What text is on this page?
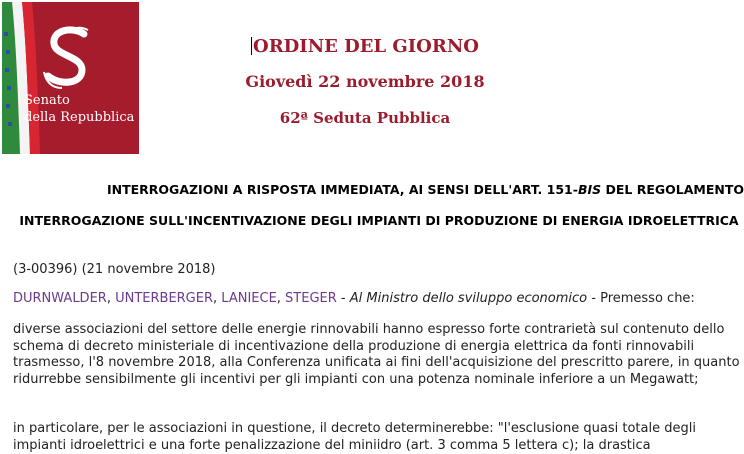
Senato
della Repubblica
ORDINE DEL GIORNO
Giovedì 22 novembre 2018
62ª Seduta Pubblica
INTERROGAZIONI A RISPOSTA IMMEDIATA, AI SENSI DELL'ART. 151-BIS DEL REGOLAMENTO
INTERROGAZIONE SULL'INCENTIVAZIONE DEGLI IMPIANTI DI PRODUZIONE DI ENERGIA IDROELETTRICA
(3-00396) (21 novembre 2018)
DURNWALDER, UNTERBERGER, LANIECE, STEGER - Al Ministro dello sviluppo economico - Premesso che:
diverse associazioni del settore delle energie rinnovabili hanno espresso forte contrarietà sul contenuto dello schema di decreto ministeriale di incentivazione della produzione di energia elettrica da fonti rinnovabili trasmesso, l'8 novembre 2018, alla Conferenza unificata ai fini dell'acquisizione del prescritto parere, in quanto ridurrebbe sensibilmente gli incentivi per gli impianti con una potenza nominale inferiore a un Megawatt;
in particolare, per le associazioni in questione, il decreto determinerebbe: "l'esclusione quasi totale degli impianti idroelettrici e una forte penalizzazione del miniidro (art. 3 comma 5 lettera c); la drastica
